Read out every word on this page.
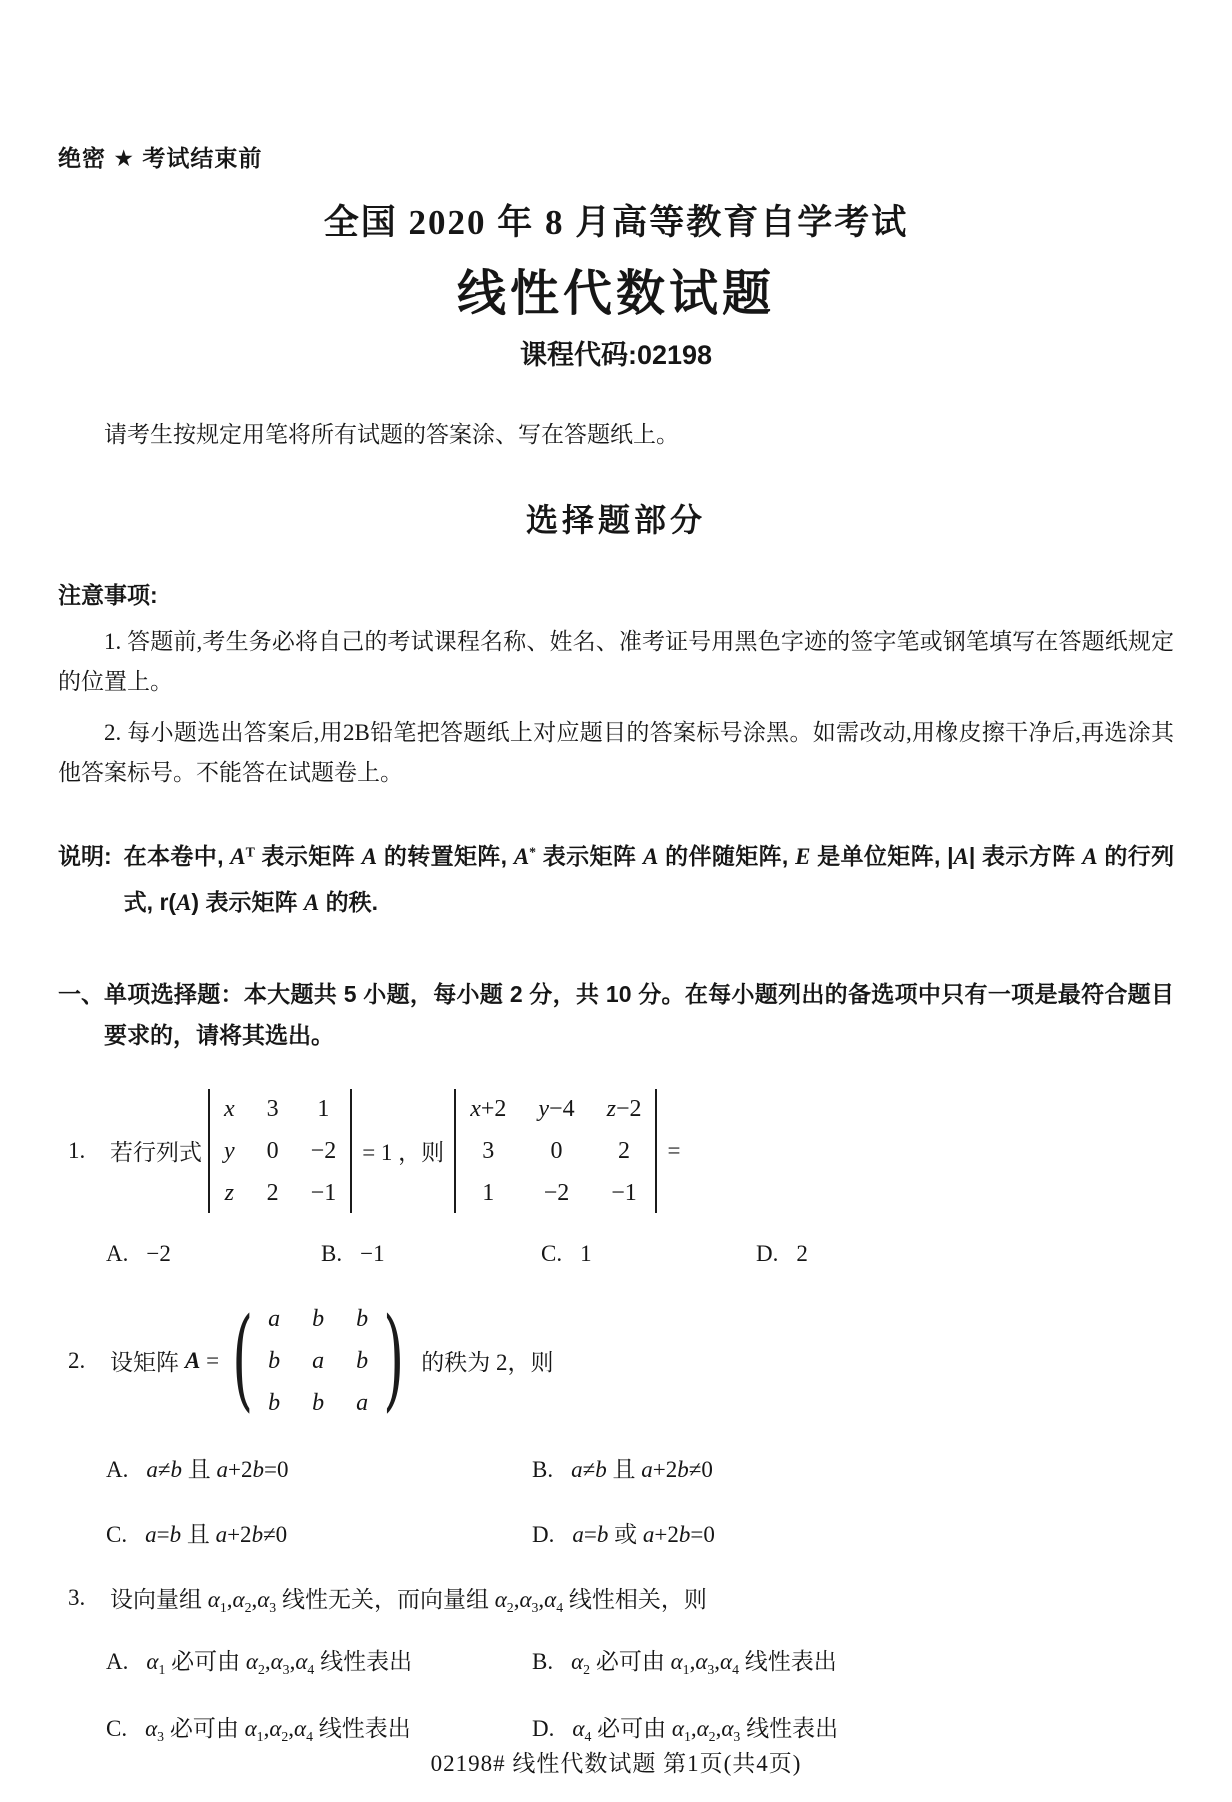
绝密 ★ 考试结束前
全国 2020 年 8 月高等教育自学考试
线性代数试题
课程代码:02198

请考生按规定用笔将所有试题的答案涂、写在答题纸上。

选择题部分
注意事项:

1. 答题前,考生务必将自己的考试课程名称、姓名、准考证号用黑色字迹的签字笔或钢笔填写在答题纸规定的位置上。

2. 每小题选出答案后,用2B铅笔把答题纸上对应题目的答案标号涂黑。如需改动,用橡皮擦干净后,再选涂其他答案标号。不能答在试题卷上。

说明: 在本卷中, $A^T$ 表示矩阵 A 的转置矩阵, A* 表示矩阵 A 的伴随矩阵, E 是单位矩阵, |A| 表示方阵 A 的行列式, r(A) 表示矩阵 A 的秩.
一、 单项选择题：本大题共 5 小题，每小题 2 分，共 10 分。在每小题列出的备选项中只有一项是最符合题目要求的，请将其选出。
1.	若行列式
x 3 1
y 0 −2
z 2 −1
= 1 ，则
x+2 y−4 z−2
3 0 2
1 −2 −1
=
A. −2	B. −1	C. 1	D. 2
2.	设矩阵 A = ( a b b
b a b
b b a ) 的秩为 2，则
A. a≠b 且 a+2b=0	B. a≠b 且 a+2b≠0
C. a=b 且 a+2b≠0	D. a=b 或 a+2b=0
3.	设向量组 $\alpha_1,\alpha_2,\alpha_3$ 线性无关，而向量组 $\alpha_2,\alpha_3,\alpha_4$ 线性相关，则
A. $\alpha_1$ 必可由 $\alpha_2,\alpha_3,\alpha_4$ 线性表出	B. $\alpha_2$ 必可由 $\alpha_1,\alpha_3,\alpha_4$ 线性表出
C. $\alpha_3$ 必可由 $\alpha_1,\alpha_2,\alpha_4$ 线性表出	D. $\alpha_4$ 必可由 $\alpha_1,\alpha_2,\alpha_3$ 线性表出
02198# 线性代数试题 第1页(共4页)
